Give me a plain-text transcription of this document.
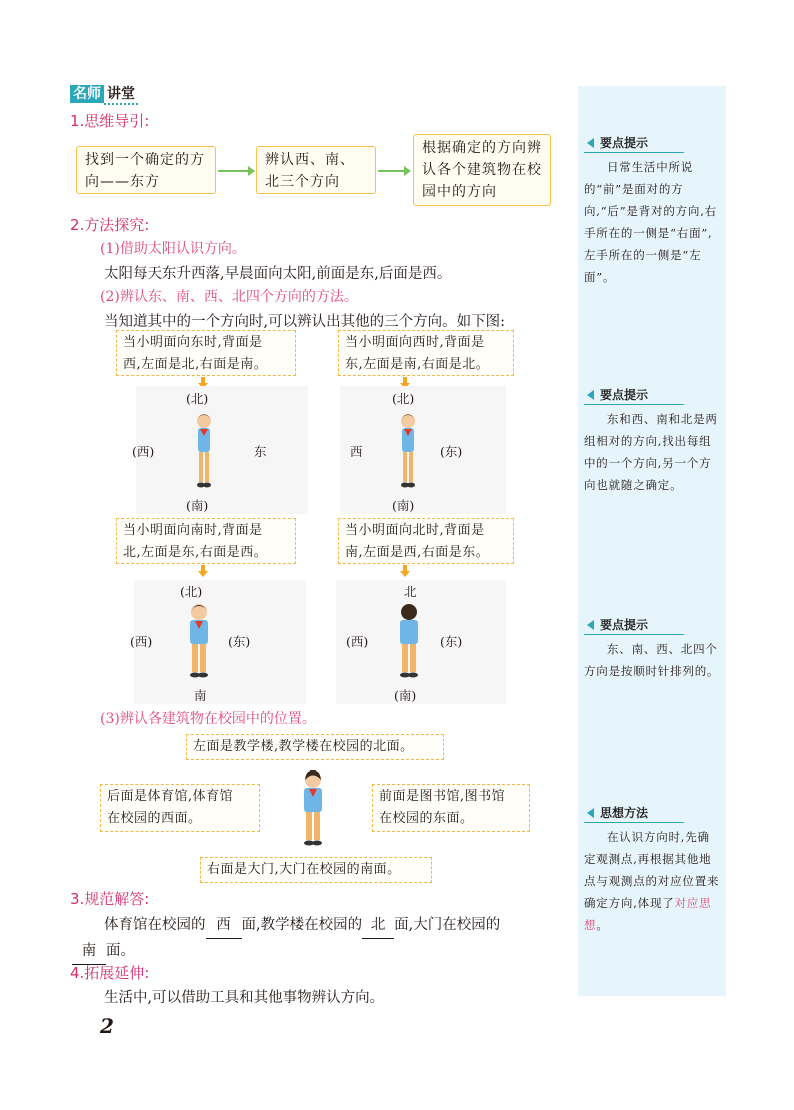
名师 讲堂
1.思维导引:
找到一个确定的方向——东方
辨认西、南、北三个方向
根据确定的方向辨认各个建筑物在校园中的方向
2.方法探究:
(1)借助太阳认识方向。
太阳每天东升西落,早晨面向太阳,前面是东,后面是西。
(2)辨认东、南、西、北四个方向的方法。
当知道其中的一个方向时,可以辨认出其他的三个方向。如下图:
当小明面向东时,背面是
西,左面是北,右面是南。
(北)
(西)	东
(南)
当小明面向西时,背面是
东,左面是南,右面是北。
(北)
西	(东)
(南)
当小明面向南时,背面是
北,左面是东,右面是西。
(北)
(西)	(东)
南
当小明面向北时,背面是
南,左面是西,右面是东。
北
(西)	(东)
(南)
(3)辨认各建筑物在校园中的位置。
左面是教学楼,教学楼在校园的北面。
后面是体育馆,体育馆
在校园的西面。
前面是图书馆,图书馆
在校园的东面。
右面是大门,大门在校园的南面。
3.规范解答:
体育馆在校园的 西 面,教学楼在校园的 北 面,大门在校园的
南 面。
4.拓展延伸:
生活中,可以借助工具和其他事物辨认方向。
2
要点提示
日常生活中所说的“前”是面对的方向,“后”是背对的方向,右手所在的一侧是“右面”,左手所在的一侧是“左面”。
要点提示
东和西、南和北是两组相对的方向,找出每组中的一个方向,另一个方向也就随之确定。
要点提示
东、南、西、北四个方向是按顺时针排列的。
思想方法
在认识方向时,先确定观测点,再根据其他地点与观测点的对应位置来确定方向,体现了对应思想。
